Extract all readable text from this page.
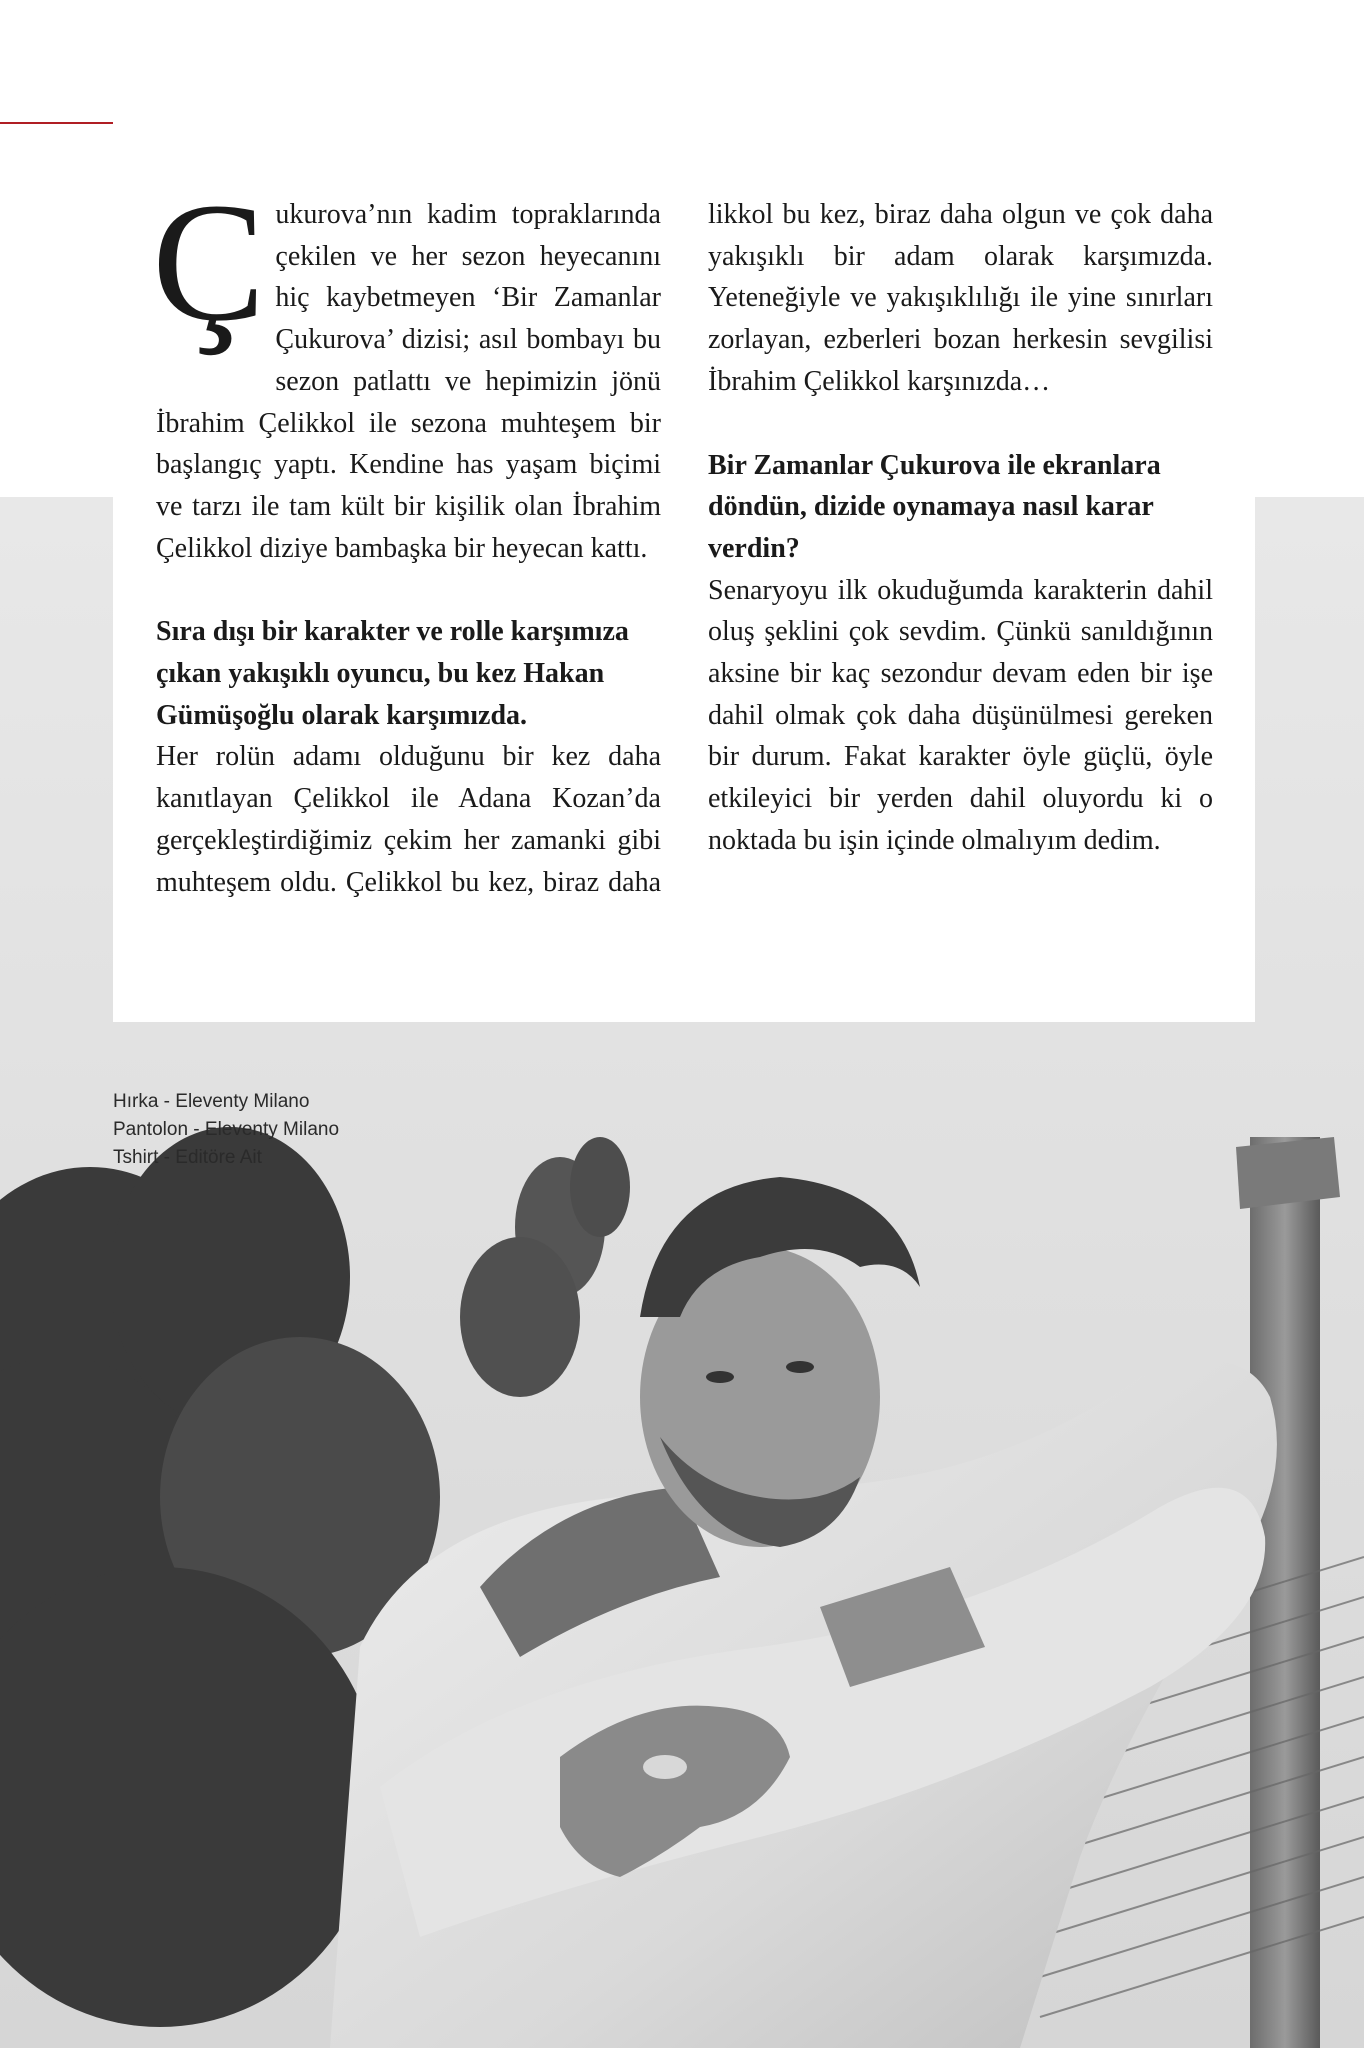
Ç ukurova’nın kadim topraklarında çekilen ve her sezon heyecanını hiç kaybetmeyen ‘Bir Zamanlar Çukurova’ dizisi; asıl bombayı bu sezon patlattı ve hepimizin jönü İbrahim Çelikkol ile sezona muhteşem bir başlangıç yaptı. Kendine has yaşam biçimi ve tarzı ile tam kült bir kişilik olan İbrahim Çelikkol diziye bambaşka bir heyecan kattı.

Sıra dışı bir karakter ve rolle karşımıza çıkan yakışıklı oyuncu, bu kez Hakan Gümüşoğlu olarak karşımızda.

Her rolün adamı olduğunu bir kez daha kanıtlayan Çelikkol ile Adana Kozan’da gerçekleştirdiğimiz çekim her zamanki gibi muhteşem oldu. Çelikkol bu kez, biraz daha

likkol bu kez, biraz daha olgun ve çok daha yakışıklı bir adam olarak karşımızda. Yeteneğiyle ve yakışıklılığı ile yine sınırları zorlayan, ezberleri bozan herkesin sevgilisi İbrahim Çelikkol karşınızda…

Bir Zamanlar Çukurova ile ekranlara döndün, dizide oynamaya nasıl karar verdin?

Senaryoyu ilk okuduğumda karakterin dahil oluş şeklini çok sevdim. Çünkü sanıldığının aksine bir kaç sezondur devam eden bir işe dahil olmak çok daha düşünülmesi gereken bir durum. Fakat karakter öyle güçlü, öyle etkileyici bir yerden dahil oluyordu ki o noktada bu işin içinde olmalıyım dedim.

Hırka - Eleventy Milano
Pantolon - Eleventy Milano
Tshirt - Editöre Ait
